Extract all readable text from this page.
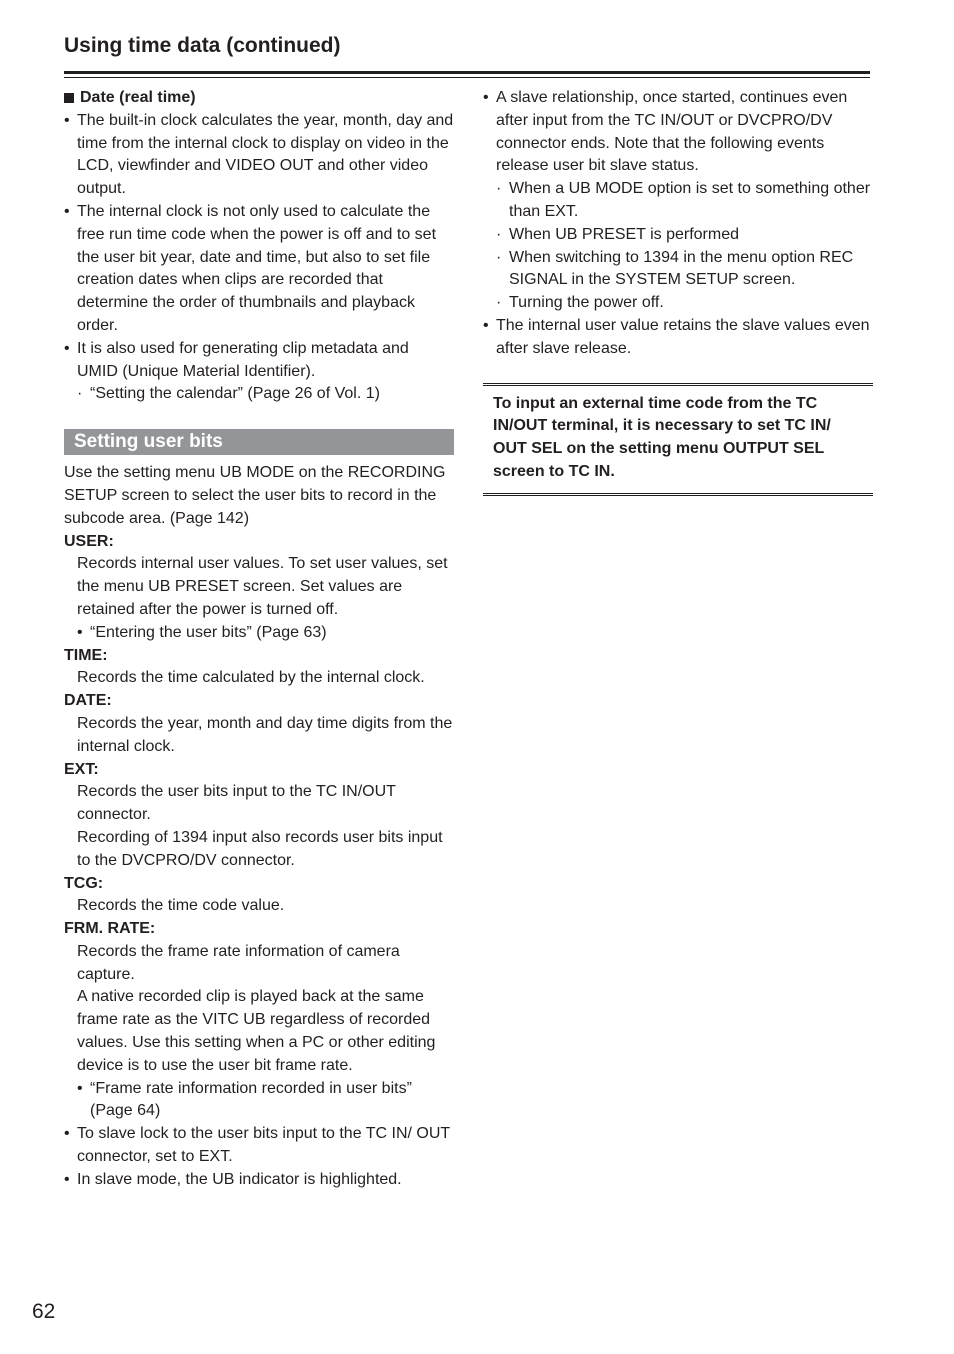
Using time data (continued)

Date (real time)

• The built-in clock calculates the year, month, day and time from the internal clock to display on video in the LCD, viewfinder and VIDEO OUT and other video output.

• The internal clock is not only used to calculate the free run time code when the power is off and to set the user bit year, date and time, but also to set file creation dates when clips are recorded that determine the order of thumbnails and playback order.

• It is also used for generating clip metadata and UMID (Unique Material Identifier).

· “Setting the calendar” (Page 26 of Vol. 1)

Setting user bits

Use the setting menu UB MODE on the RECORDING SETUP screen to select the user bits to record in the subcode area. (Page 142)

USER:

Records internal user values. To set user values, set the menu UB PRESET screen. Set values are retained after the power is turned off.

• “Entering the user bits” (Page 63)

TIME:

Records the time calculated by the internal clock.

DATE:

Records the year, month and day time digits from the internal clock.

EXT:

Records the user bits input to the TC IN/OUT connector.

Recording of 1394 input also records user bits input to the DVCPRO/DV connector.

TCG:

Records the time code value.

FRM. RATE:

Records the frame rate information of camera capture.

A native recorded clip is played back at the same frame rate as the VITC UB regardless of recorded values. Use this setting when a PC or other editing device is to use the user bit frame rate.

• “Frame rate information recorded in user bits” (Page 64)

• To slave lock to the user bits input to the TC IN/ OUT connector, set to EXT.

• In slave mode, the UB indicator is highlighted.

• A slave relationship, once started, continues even after input from the TC IN/OUT or DVCPRO/DV connector ends. Note that the following events release user bit slave status.

· When a UB MODE option is set to something other than EXT.

· When UB PRESET is performed

· When switching to 1394 in the menu option REC SIGNAL in the SYSTEM SETUP screen.

· Turning the power off.

• The internal user value retains the slave values even after slave release.

To input an external time code from the TC IN/OUT terminal, it is necessary to set TC IN/ OUT SEL on the setting menu OUTPUT SEL screen to TC IN.
62
